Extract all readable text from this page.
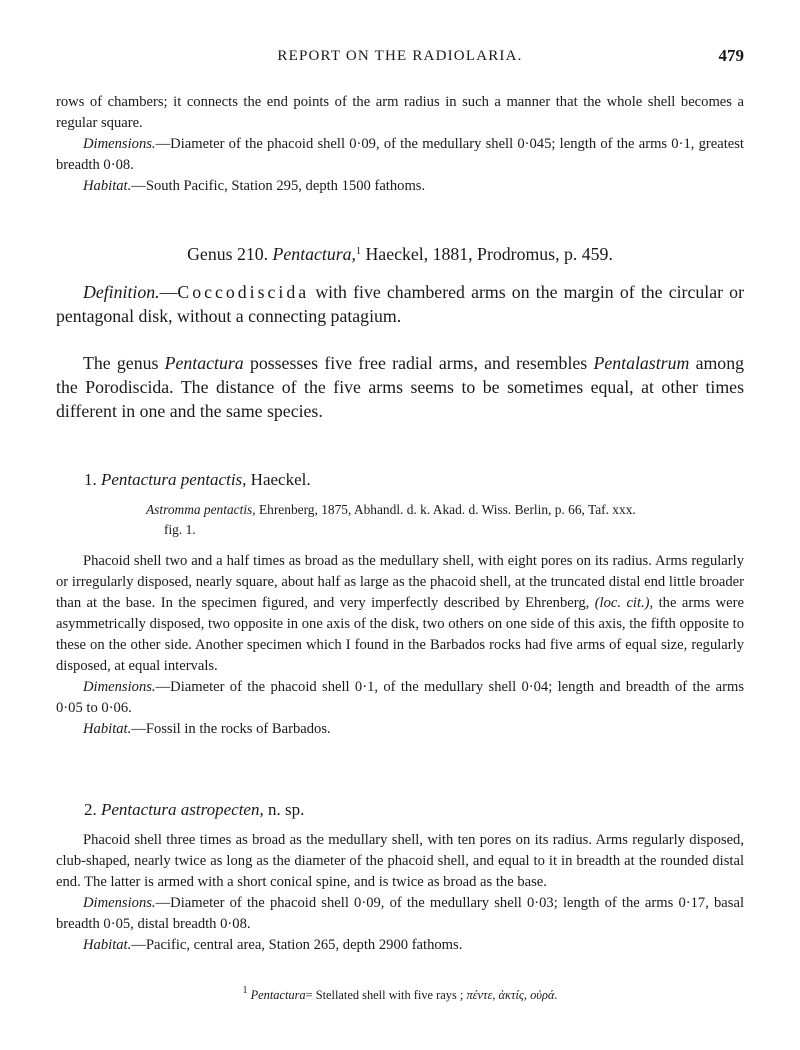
REPORT ON THE RADIOLARIA.	479

rows of chambers; it connects the end points of the arm radius in such a manner that the whole shell becomes a regular square.

Dimensions.—Diameter of the phacoid shell 0·09, of the medullary shell 0·045; length of the arms 0·1, greatest breadth 0·08.

Habitat.—South Pacific, Station 295, depth 1500 fathoms.

Genus 210. Pentactura,$^1$ Haeckel, 1881, Prodromus, p. 459.

Definition.—Coccodiscida with five chambered arms on the margin of the circular or pentagonal disk, without a connecting patagium.

The genus Pentactura possesses five free radial arms, and resembles Pentalastrum among the Porodiscida. The distance of the five arms seems to be sometimes equal, at other times different in one and the same species.

1. Pentactura pentactis, Haeckel.
Astromma pentactis, Ehrenberg, 1875, Abhandl. d. k. Akad. d. Wiss. Berlin, p. 66, Taf. xxx.
fig. 1.

Phacoid shell two and a half times as broad as the medullary shell, with eight pores on its radius. Arms regularly or irregularly disposed, nearly square, about half as large as the phacoid shell, at the truncated distal end little broader than at the base. In the specimen figured, and very imperfectly described by Ehrenberg, (loc. cit.), the arms were asymmetrically disposed, two opposite in one axis of the disk, two others on one side of this axis, the fifth opposite to these on the other side. Another specimen which I found in the Barbados rocks had five arms of equal size, regularly disposed, at equal intervals.

Dimensions.—Diameter of the phacoid shell 0·1, of the medullary shell 0·04; length and breadth of the arms 0·05 to 0·06.

Habitat.—Fossil in the rocks of Barbados.

2. Pentactura astropecten, n. sp.

Phacoid shell three times as broad as the medullary shell, with ten pores on its radius. Arms regularly disposed, club-shaped, nearly twice as long as the diameter of the phacoid shell, and equal to it in breadth at the rounded distal end. The latter is armed with a short conical spine, and is twice as broad as the base.

Dimensions.—Diameter of the phacoid shell 0·09, of the medullary shell 0·03; length of the arms 0·17, basal breadth 0·05, distal breadth 0·08.

Habitat.—Pacific, central area, Station 265, depth 2900 fathoms.

$^1$ Pentactura= Stellated shell with five rays ; πέντε, ἀκτίς, οὐρά.
